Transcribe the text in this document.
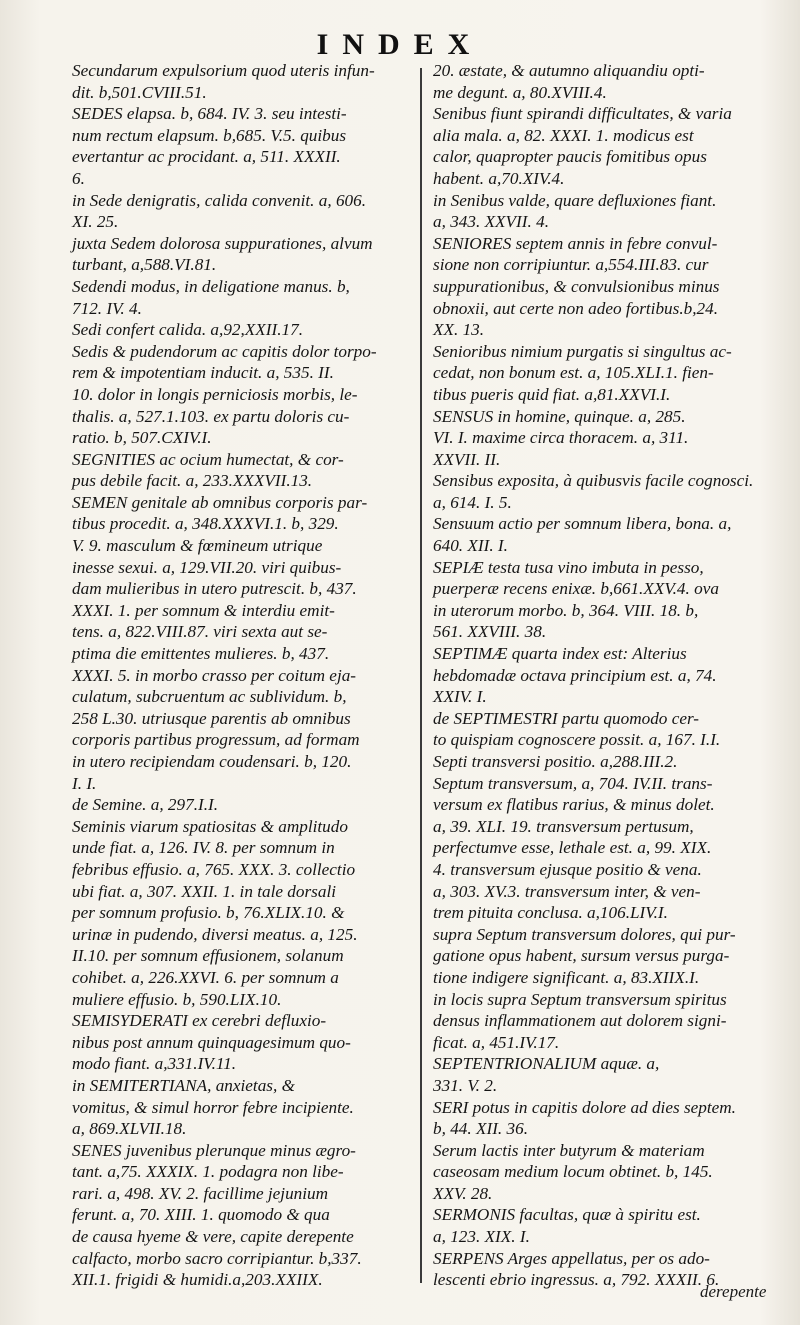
INDEX
Secundarum expulsorium quod uteris infun-
dit. b,501.CVIII.51.
SEDES elapsa. b, 684. IV. 3. seu intesti-
num rectum elapsum. b,685. V.5. quibus
evertantur ac procidant. a, 511. XXXII.
6.
in Sede denigratis, calida convenit. a, 606.
XI. 25.
juxta Sedem dolorosa suppurationes, alvum
turbant, a,588.VI.81.
Sedendi modus, in deligatione manus. b,
712. IV. 4.
Sedi confert calida. a,92,XXII.17.
Sedis & pudendorum ac capitis dolor torpo-
rem & impotentiam inducit. a, 535. II.
10. dolor in longis perniciosis morbis, le-
thalis. a, 527.1.103. ex partu doloris cu-
ratio. b, 507.CXIV.I.
SEGNITIES ac ocium humectat, & cor-
pus debile facit. a, 233.XXXVII.13.
SEMEN genitale ab omnibus corporis par-
tibus procedit. a, 348.XXXVI.1. b, 329.
V. 9. masculum & fœmineum utrique
inesse sexui. a, 129.VII.20. viri quibus-
dam mulieribus in utero putrescit. b, 437.
XXXI. 1. per somnum & interdiu emit-
tens. a, 822.VIII.87. viri sexta aut se-
ptima die emittentes mulieres. b, 437.
XXXI. 5. in morbo crasso per coitum eja-
culatum, subcruentum ac sublividum. b,
258 L.30. utriusque parentis ab omnibus
corporis partibus progressum, ad formam
in utero recipiendam coudensari. b, 120.
I. I.
de Semine. a, 297.I.I.
Seminis viarum spatiositas & amplitudo
unde fiat. a, 126. IV. 8. per somnum in
febribus effusio. a, 765. XXX. 3. collectio
ubi fiat. a, 307. XXII. 1. in tale dorsali
per somnum profusio. b, 76.XLIX.10. &
urinæ in pudendo, diversi meatus. a, 125.
II.10. per somnum effusionem, solanum
cohibet. a, 226.XXVI. 6. per somnum a
muliere effusio. b, 590.LIX.10.
SEMISYDERATI ex cerebri defluxio-
nibus post annum quinquagesimum quo-
modo fiant. a,331.IV.11.
in SEMITERTIANA, anxietas, &
vomitus, & simul horror febre incipiente.
a, 869.XLVII.18.
SENES juvenibus plerunque minus ægro-
tant. a,75. XXXIX. 1. podagra non libe-
rari. a, 498. XV. 2. facillime jejunium
ferunt. a, 70. XIII. 1. quomodo & qua
de causa hyeme & vere, capite derepente
calfacto, morbo sacro corripiantur. b,337.
XII.1. frigidi & humidi.a,203.XXIIX.
20. æstate, & autumno aliquandiu opti-
me degunt. a, 80.XVIII.4.
Senibus fiunt spirandi difficultates, & varia
alia mala. a, 82. XXXI. 1. modicus est
calor, quapropter paucis fomitibus opus
habent. a,70.XIV.4.
in Senibus valde, quare defluxiones fiant.
a, 343. XXVII. 4.
SENIORES septem annis in febre convul-
sione non corripiuntur. a,554.III.83. cur
suppurationibus, & convulsionibus minus
obnoxii, aut certe non adeo fortibus.b,24.
XX. 13.
Senioribus nimium purgatis si singultus ac-
cedat, non bonum est. a, 105.XLI.1. fien-
tibus pueris quid fiat. a,81.XXVI.I.
SENSUS in homine, quinque. a, 285.
VI. I. maxime circa thoracem. a, 311.
XXVII. II.
Sensibus exposita, à quibusvis facile cognosci.
a, 614. I. 5.
Sensuum actio per somnum libera, bona. a,
640. XII. I.
SEPIÆ testa tusa vino imbuta in pesso,
puerperæ recens enixæ. b,661.XXV.4. ova
in uterorum morbo. b, 364. VIII. 18. b,
561. XXVIII. 38.
SEPTIMÆ quarta index est: Alterius
hebdomadæ octava principium est. a, 74.
XXIV. I.
de SEPTIMESTRI partu quomodo cer-
to quispiam cognoscere possit. a, 167. I.I.
Septi transversi positio. a,288.III.2.
Septum transversum, a, 704. IV.II. trans-
versum ex flatibus rarius, & minus dolet.
a, 39. XLI. 19. transversum pertusum,
perfectumve esse, lethale est. a, 99. XIX.
4. transversum ejusque positio & vena.
a, 303. XV.3. transversum inter, & ven-
trem pituita conclusa. a,106.LIV.I.
supra Septum transversum dolores, qui pur-
gatione opus habent, sursum versus purga-
tione indigere significant. a, 83.XIIX.I.
in locis supra Septum transversum spiritus
densus inflammationem aut dolorem signi-
ficat. a, 451.IV.17.
SEPTENTRIONALIUM aquæ. a,
331. V. 2.
SERI potus in capitis dolore ad dies septem.
b, 44. XII. 36.
Serum lactis inter butyrum & materiam
caseosam medium locum obtinet. b, 145.
XXV. 28.
SERMONIS facultas, quæ à spiritu est.
a, 123. XIX. I.
SERPENS Arges appellatus, per os ado-
lescenti ebrio ingressus. a, 792. XXXII. 6.
derepente
